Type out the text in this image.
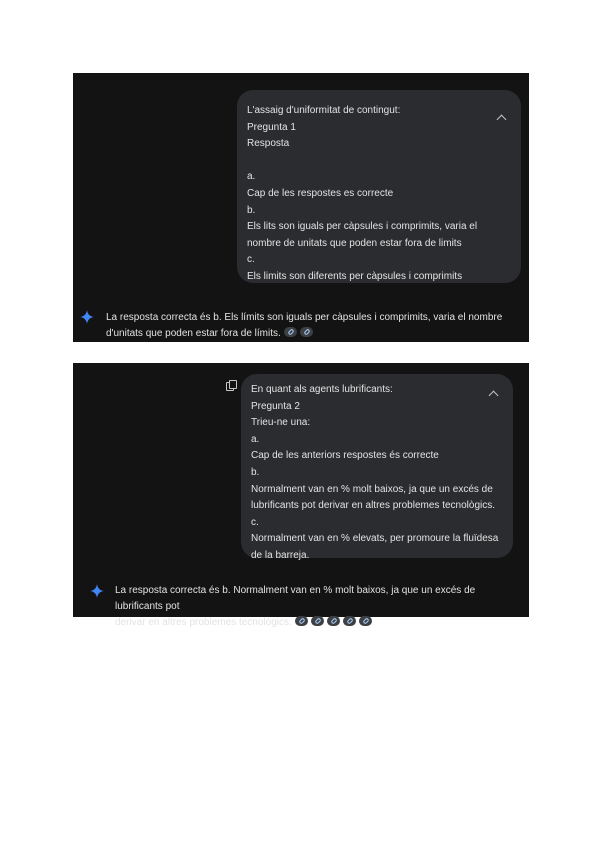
L'assaig d'uniformitat de contingut:
Pregunta 1
Resposta
a.
Cap de les respostes es correcte
b.
Els lits son iguals per càpsules i comprimits, varia el
nombre de unitats que poden estar fora de limits
c.
Els limits son diferents per càpsules i comprimits
La resposta correcta és b. Els límits son iguals per càpsules i comprimits, varia el nombre
d'unitats que poden estar fora de límits.
En quant als agents lubrificants:
Pregunta 2
Trieu-ne una:
a.
Cap de les anteriors respostes és correcte
b.
Normalment van en % molt baixos, ja que un excés de
lubrificants pot derivar en altres problemes tecnològics.
c.
Normalment van en % elevats, per promoure la fluïdesa
de la barreja.
La resposta correcta és b. Normalment van en % molt baixos, ja que un excés de lubrificants pot
derivar en altres problemes tecnològics.
